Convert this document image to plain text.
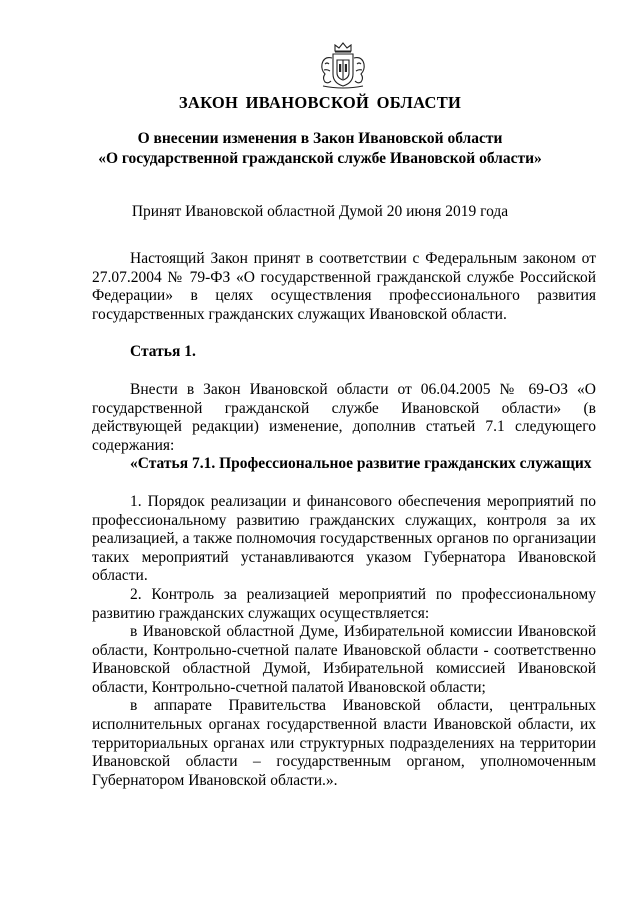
ЗАКОН ИВАНОВСКОЙ ОБЛАСТИ
О внесении изменения в Закон Ивановской области
«О государственной гражданской службе Ивановской области»
Принят Ивановской областной Думой 20 июня 2019 года

Настоящий Закон принят в соответствии с Федеральным законом от 27.07.2004 № 79-ФЗ «О государственной гражданской службе Российской Федерации» в целях осуществления профессионального развития государственных гражданских служащих Ивановской области.

Статья 1.

Внести в Закон Ивановской области от 06.04.2005 № 69-ОЗ «О государственной гражданской службе Ивановской области» (в действующей редакции) изменение, дополнив статьей 7.1 следующего содержания:

«Статья 7.1. Профессиональное развитие гражданских служащих

1. Порядок реализации и финансового обеспечения мероприятий по профессиональному развитию гражданских служащих, контроля за их реализацией, а также полномочия государственных органов по организации таких мероприятий устанавливаются указом Губернатора Ивановской области.

2. Контроль за реализацией мероприятий по профессиональному развитию гражданских служащих осуществляется:

в Ивановской областной Думе, Избирательной комиссии Ивановской области, Контрольно-счетной палате Ивановской области - соответственно Ивановской областной Думой, Избирательной комиссией Ивановской области, Контрольно-счетной палатой Ивановской области;

в аппарате Правительства Ивановской области, центральных исполнительных органах государственной власти Ивановской области, их территориальных органах или структурных подразделениях на территории Ивановской области – государственным органом, уполномоченным Губернатором Ивановской области.».
